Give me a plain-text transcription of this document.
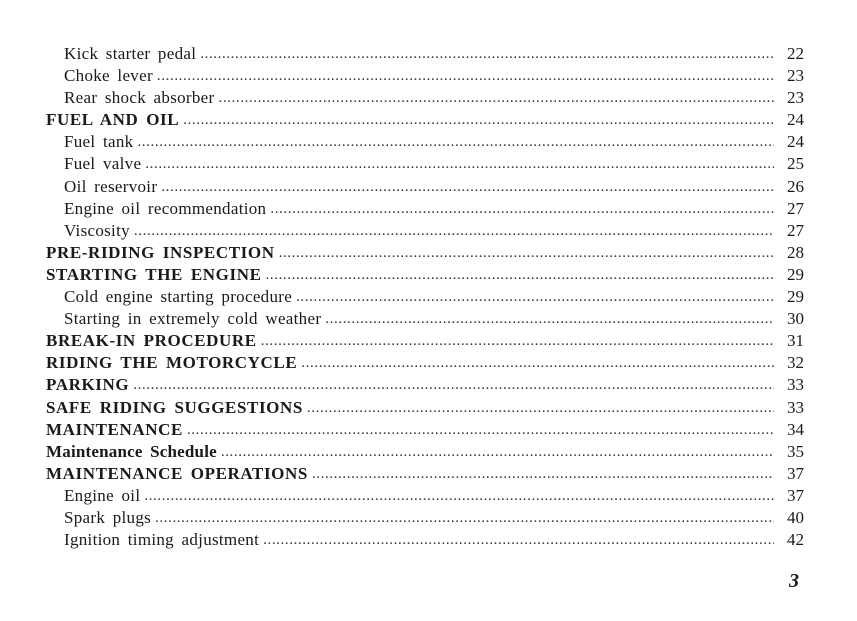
Kick starter pedal .....	22
Choke lever .....	23
Rear shock absorber .....	23
FUEL AND OIL .....	24
Fuel tank .....	24
Fuel valve .....	25
Oil reservoir .....	26
Engine oil recommendation .....	27
Viscosity .....	27
PRE-RIDING INSPECTION .....	28
STARTING THE ENGINE .....	29
Cold engine starting procedure .....	29
Starting in extremely cold weather .....	30
BREAK-IN PROCEDURE .....	31
RIDING THE MOTORCYCLE .....	32
PARKING .....	33
SAFE RIDING SUGGESTIONS .....	33
MAINTENANCE .....	34
Maintenance Schedule .....	35
MAINTENANCE OPERATIONS .....	37
Engine oil .....	37
Spark plugs .....	40
Ignition timing adjustment .....	42
3
